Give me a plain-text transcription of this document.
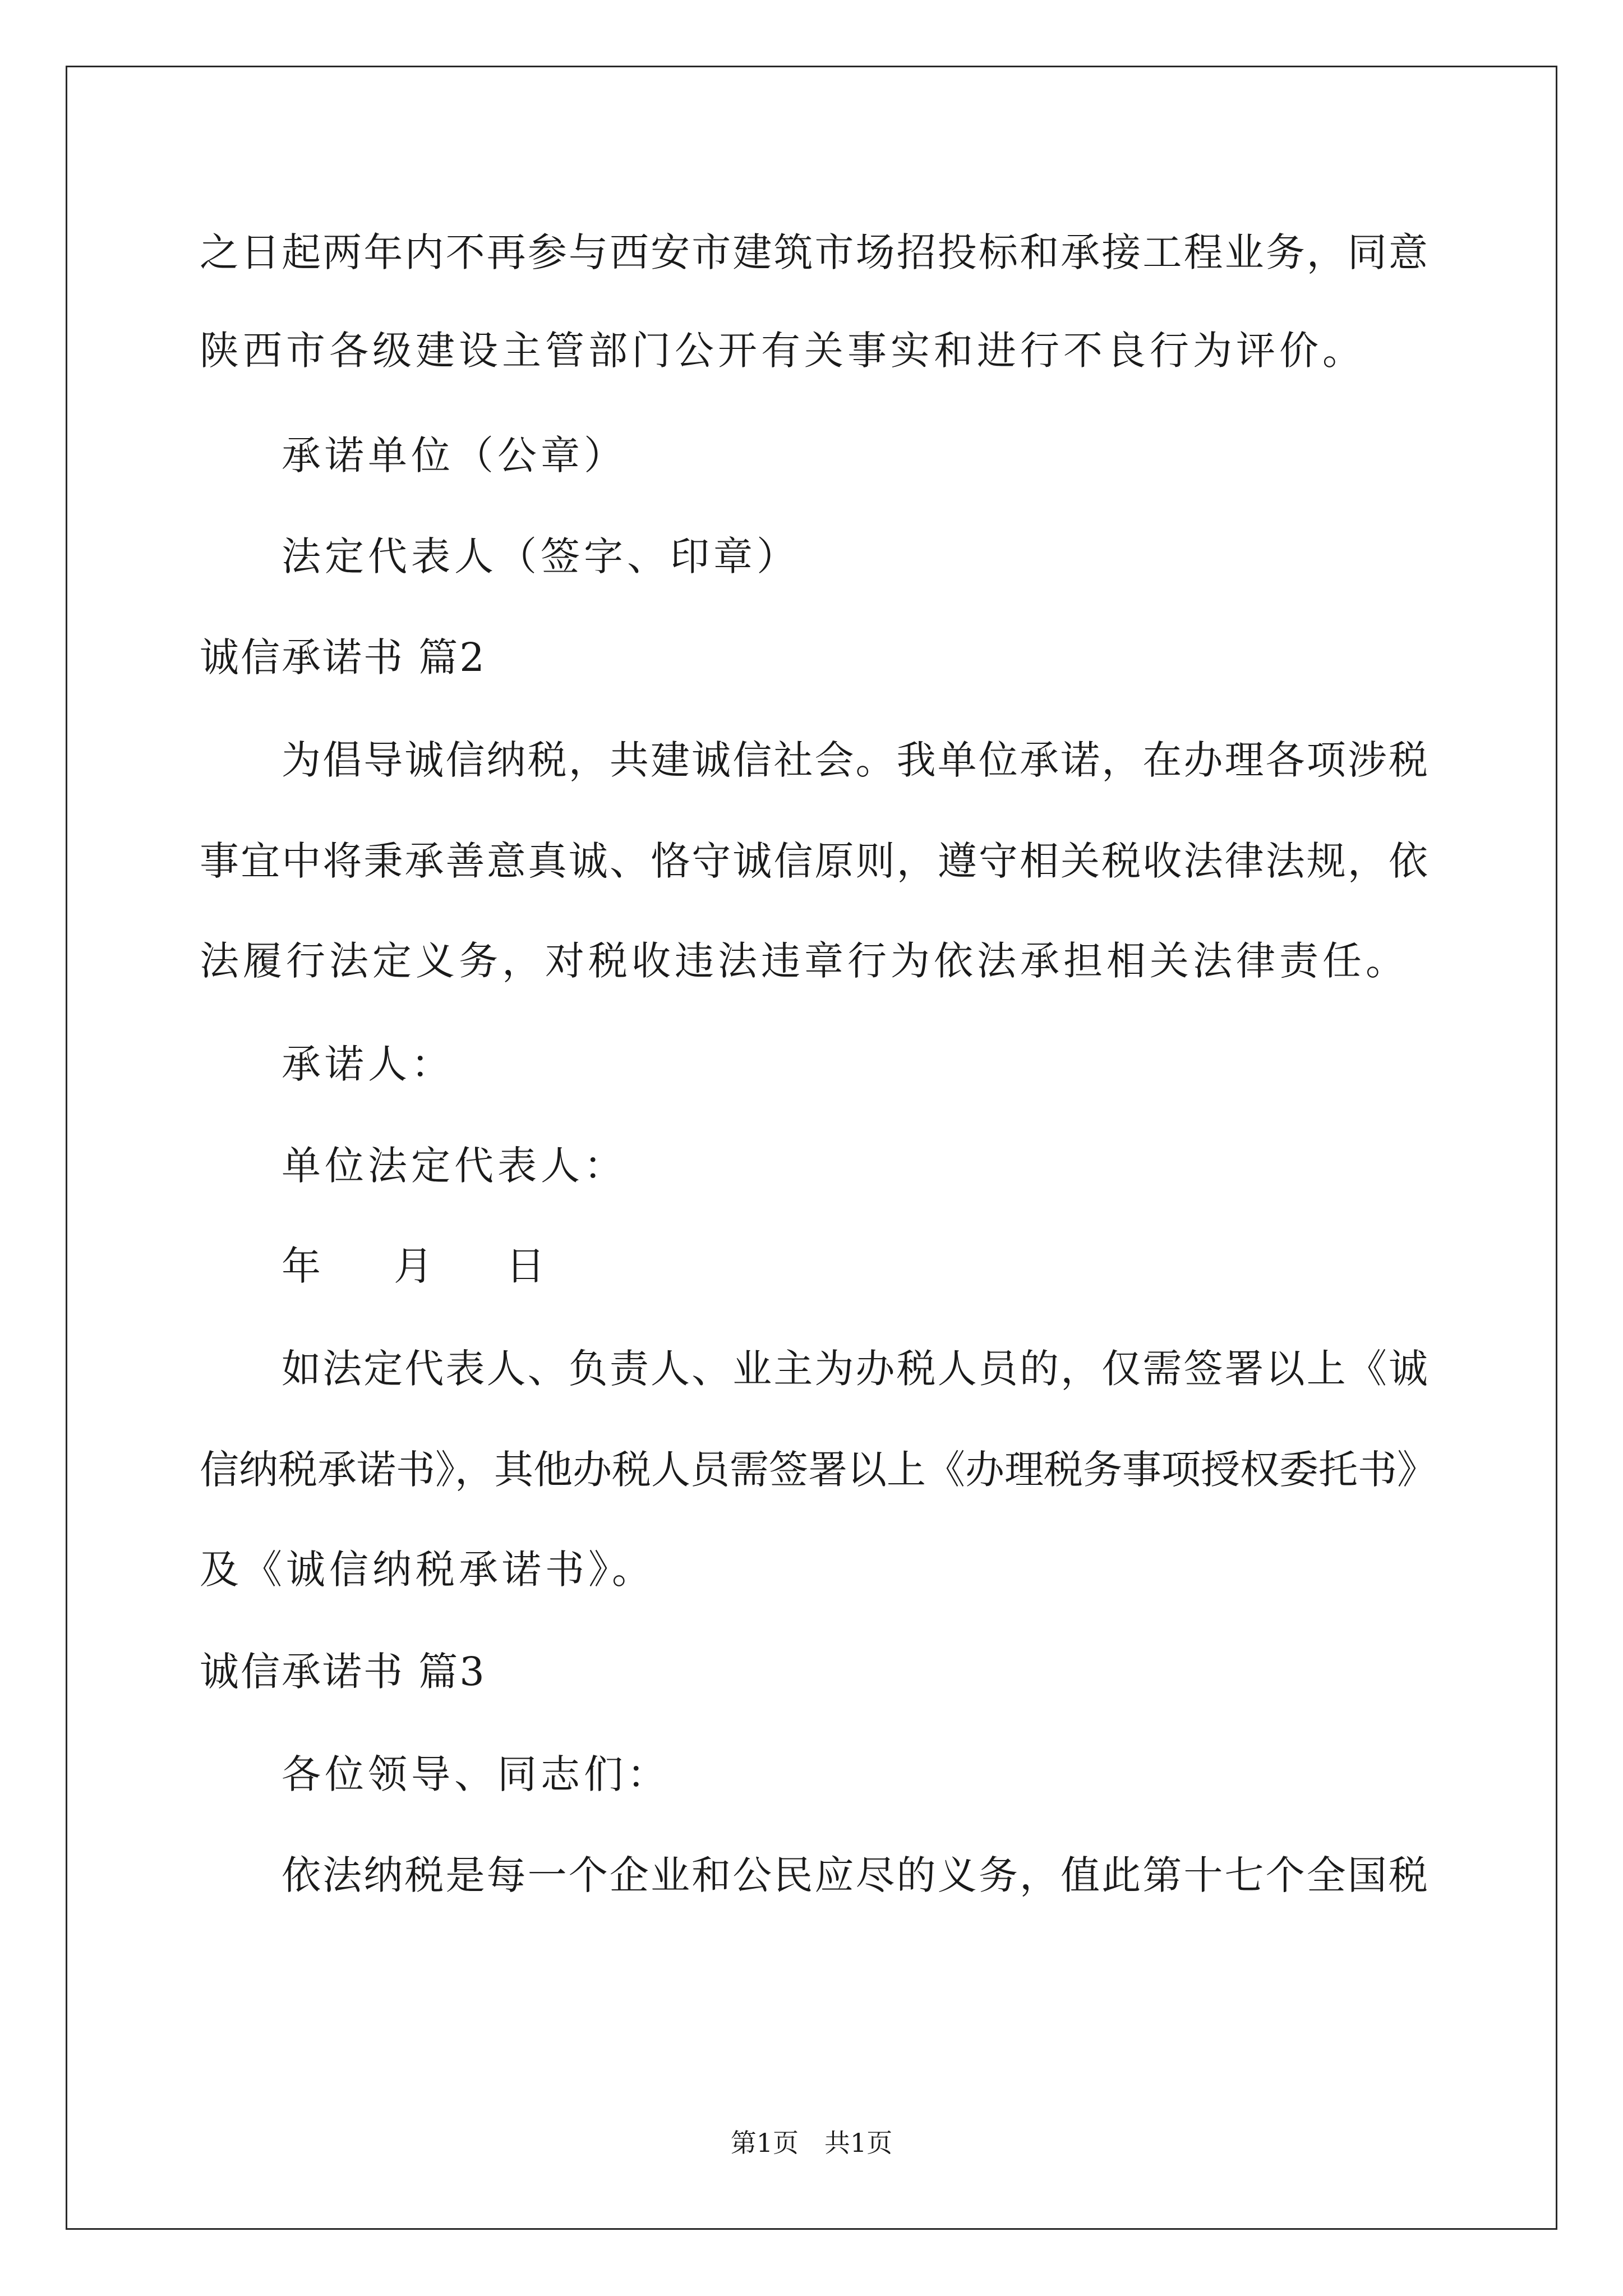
之日起两年内不再参与西安市建筑市场招投标和承接工程业务，同意
陕西市各级建设主管部门公开有关事实和进行不良行为评价。
承诺单位（公章）
法定代表人（签字、印章）
诚信承诺书 篇2
为倡导诚信纳税，共建诚信社会。我单位承诺，在办理各项涉税
事宜中将秉承善意真诚、恪守诚信原则，遵守相关税收法律法规，依
法履行法定义务，对税收违法违章行为依法承担相关法律责任。
承诺人：
单位法定代表人：
年　月　日
如法定代表人、负责人、业主为办税人员的，仅需签署以上《诚
信纳税承诺书》，其他办税人员需签署以上《办理税务事项授权委托书》
及《诚信纳税承诺书》。
诚信承诺书 篇3
各位领导、同志们：
依法纳税是每一个企业和公民应尽的义务，值此第十七个全国税
第1页　共1页
